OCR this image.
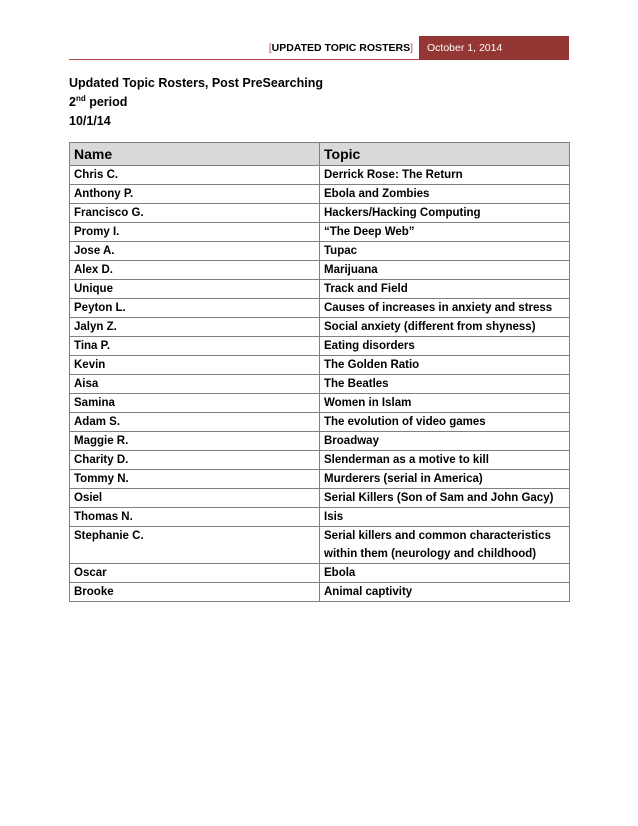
[ UPDATED TOPIC ROSTERS ] October 1, 2014
Updated Topic Rosters, Post PreSearching
2nd period
10/1/14
Name	Topic
Chris C.	Derrick Rose: The Return
Anthony P.	Ebola and Zombies
Francisco G.	Hackers/Hacking Computing
Promy I.	“The Deep Web”
Jose A.	Tupac
Alex D.	Marijuana
Unique	Track and Field
Peyton L.	Causes of increases in anxiety and stress
Jalyn Z.	Social anxiety (different from shyness)
Tina P.	Eating disorders
Kevin	The Golden Ratio
Aisa	The Beatles
Samina	Women in Islam
Adam S.	The evolution of video games
Maggie R.	Broadway
Charity D.	Slenderman as a motive to kill
Tommy N.	Murderers (serial in America)
Osiel	Serial Killers (Son of Sam and John Gacy)
Thomas N.	Isis
Stephanie C.	Serial killers and common characteristics within them (neurology and childhood)
Oscar	Ebola
Brooke	Animal captivity
